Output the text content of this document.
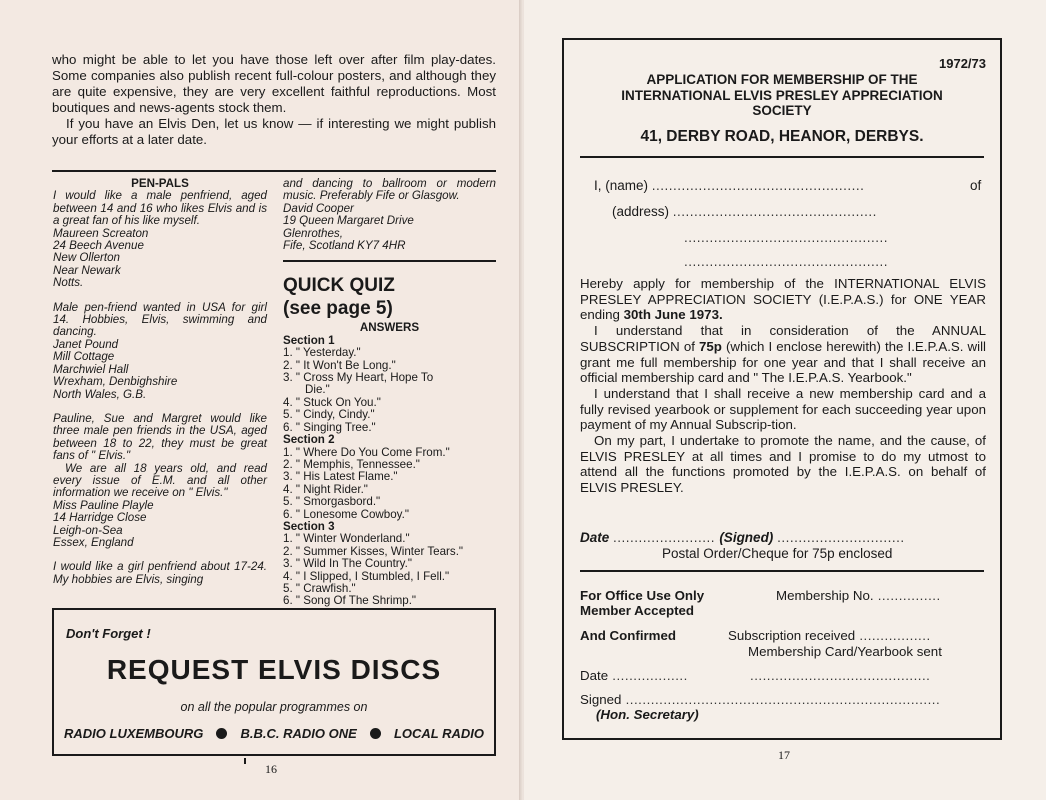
who might be able to let you have those left over after film play-dates. Some companies also publish recent full-colour posters, and although they are quite expensive, they are very excellent faithful reproductions. Most boutiques and news-agents stock them.

If you have an Elvis Den, let us know — if interesting we might publish your efforts at a later date.

PEN-PALS
I would like a male penfriend, aged between 14 and 16 who likes Elvis and is a great fan of his like myself.
Maureen Screaton
24 Beech Avenue
New Ollerton
Near Newark
Notts.
Male pen-friend wanted in USA for girl 14. Hobbies, Elvis, swimming and dancing.
Janet Pound
Mill Cottage
Marchwiel Hall
Wrexham, Denbighshire
North Wales, G.B.
Pauline, Sue and Margret would like three male pen friends in the USA, aged between 18 to 22, they must be great fans of " Elvis."
We are all 18 years old, and read every issue of E.M. and all other information we receive on " Elvis."
Miss Pauline Playle
14 Harridge Close
Leigh-on-Sea
Essex, England
I would like a girl penfriend about 17-24. My hobbies are Elvis, singing
and dancing to ballroom or modern music. Preferably Fife or Glasgow.
David Cooper
19 Queen Margaret Drive
Glenrothes,
Fife, Scotland KY7 4HR
QUICK QUIZ
(see page 5)
ANSWERS
Section 1
1. " Yesterday."
2. " It Won't Be Long."
3. " Cross My Heart, Hope To
Die."
4. " Stuck On You."
5. " Cindy, Cindy."
6. " Singing Tree."
Section 2
1. " Where Do You Come From."
2. " Memphis, Tennessee."
3. " His Latest Flame."
4. " Night Rider."
5. " Smorgasbord."
6. " Lonesome Cowboy."
Section 3
1. " Winter Wonderland."
2. " Summer Kisses, Winter Tears."
3. " Wild In The Country."
4. " I Slipped, I Stumbled, I Fell."
5. " Crawfish."
6. " Song Of The Shrimp."
Don't Forget !
REQUEST ELVIS DISCS
on all the popular programmes on
RADIO LUXEMBOURG	B.B.C. RADIO ONE	LOCAL RADIO
16
1972/73
APPLICATION FOR MEMBERSHIP OF THE
INTERNATIONAL ELVIS PRESLEY APPRECIATION
SOCIETY
41, DERBY ROAD, HEANOR, DERBYS.
I, (name) ..................................................	of
(address) ................................................
................................................
................................................

Hereby apply for membership of the INTERNATIONAL ELVIS PRESLEY APPRECIATION SOCIETY (I.E.P.A.S.) for ONE YEAR ending 30th June 1973.

I understand that in consideration of the ANNUAL SUBSCRIPTION of 75p (which I enclose herewith) the I.E.P.A.S. will grant me full membership for one year and that I shall receive an official membership card and " The I.E.P.A.S. Yearbook."

I understand that I shall receive a new membership card and a fully revised yearbook or supplement for each succeeding year upon payment of my Annual Subscrip-tion.

On my part, I undertake to promote the name, and the cause, of ELVIS PRESLEY at all times and I promise to do my utmost to attend all the functions promoted by the I.E.P.A.S. on behalf of ELVIS PRESLEY.

Date ........................ (Signed) ..............................
Postal Order/Cheque for 75p enclosed
For Office Use Only
Member Accepted
Membership No. ...............
And Confirmed	Subscription received .................
Membership Card/Yearbook sent
Date ..................	...........................................
Signed ...........................................................................
(Hon. Secretary)
17
